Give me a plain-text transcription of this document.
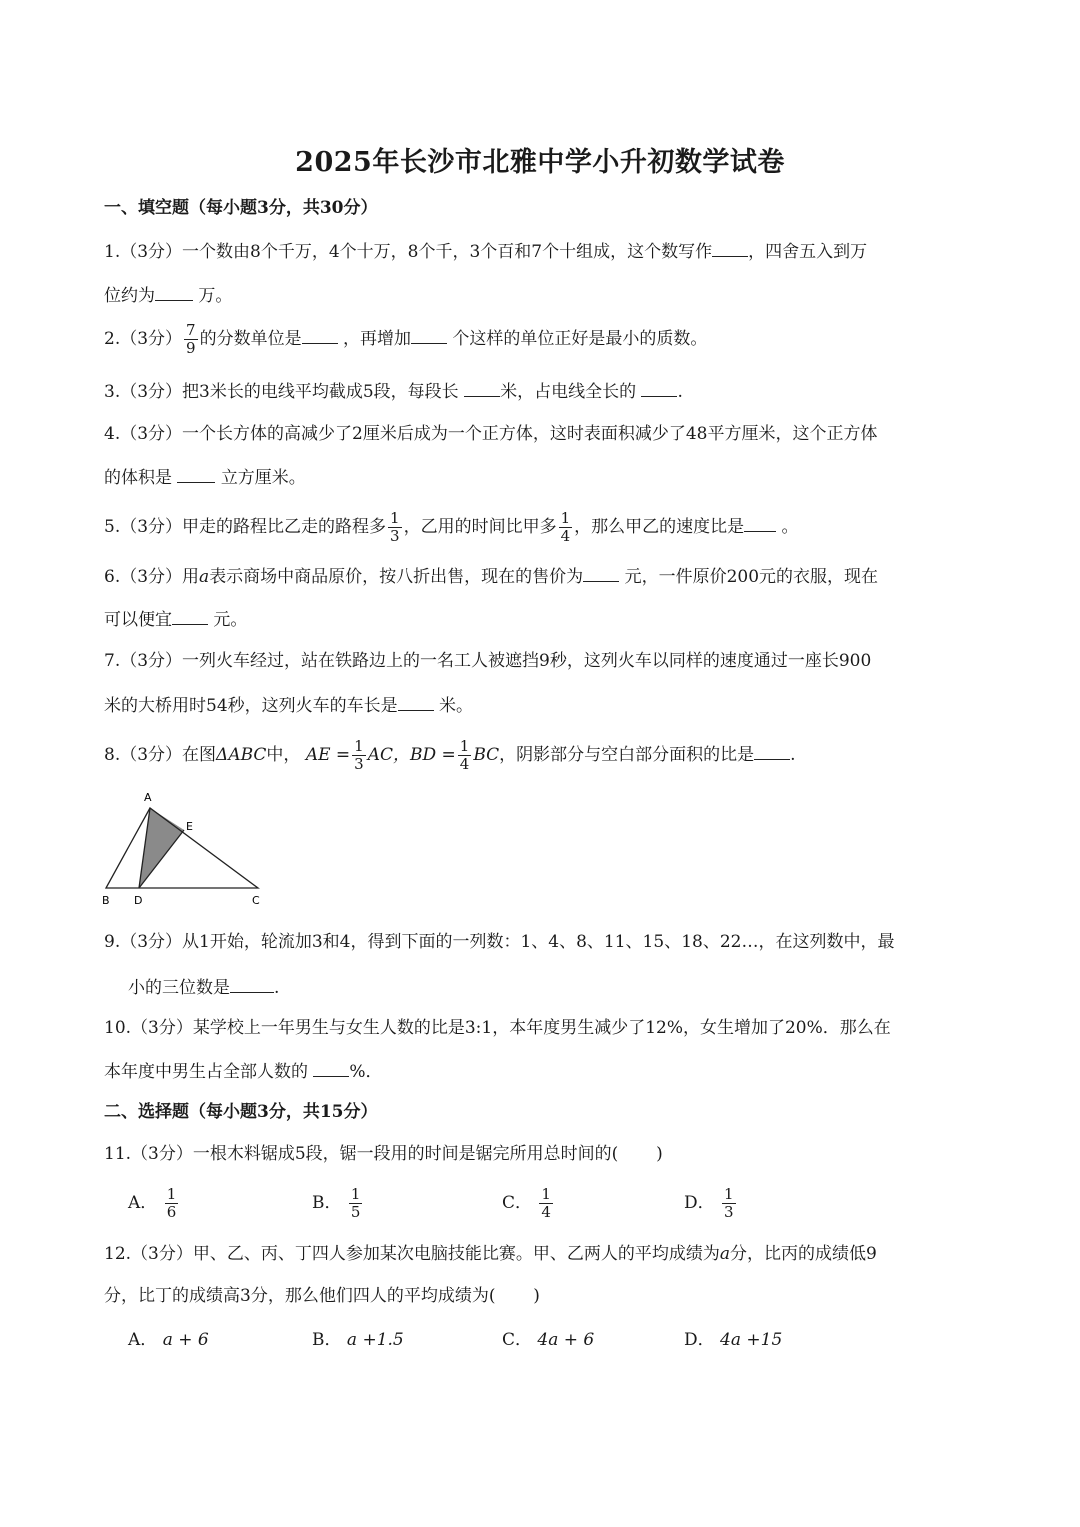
2025年长沙市北雅中学小升初数学试卷
一、填空题（每小题3分，共30分）
1.（3分）一个数由8个千万，4个十万，8个千，3个百和7个十组成，这个数写作 ，四舍五入到万
位约为	万。
2.（3分） $\frac{7}{9}$ 的分数单位是 ，再增加 个这样的单位正好是最小的质数。
3.（3分）把3米长的电线平均截成5段，每段长 米，占电线全长的 .
4.（3分）一个长方体的高减少了2厘米后成为一个正方体，这时表面积减少了48平方厘米，这个正方体
的体积是	立方厘米。
5.（3分）甲走的路程比乙走的路程多 $\frac{1}{3}$ ，乙用的时间比甲多 $\frac{1}{4}$ ，那么甲乙的速度比是 。
6.（3分）用a表示商场中商品原价，按八折出售，现在的售价为 元，一件原价200元的衣服，现在
可以便宜 元。
7.（3分）一列火车经过，站在铁路边上的一名工人被遮挡9秒，这列火车以同样的速度通过一座长900
米的大桥用时54秒，这列火车的车长是 米。
8.（3分）在图ΔABC中， AE = $\frac{1}{3}$ AC，BD = $\frac{1}{4}$ BC，阴影部分与空白部分面积的比是 .
A
E
B D	C
9.（3分）从1开始，轮流加3和4，得到下面的一列数：1、4、8、11、15、18、22…，在这列数中，最
小的三位数是	.
10.（3分）某学校上一年男生与女生人数的比是3:1，本年度男生减少了12%，女生增加了20%．那么在
本年度中男生占全部人数的 %．
二、选择题（每小题3分，共15分）
11.（3分）一根木料锯成5段，锯一段用的时间是锯完所用总时间的( )
A． $\frac{1}{6}$	B． $\frac{1}{5}$	C． $\frac{1}{4}$	D． $\frac{1}{3}$
12.（3分）甲、乙、丙、丁四人参加某次电脑技能比赛。甲、乙两人的平均成绩为a分，比丙的成绩低9
分，比丁的成绩高3分，那么他们四人的平均成绩为( )
A． a + 6	B． a +1.5	C． 4a + 6	D． 4a +15
